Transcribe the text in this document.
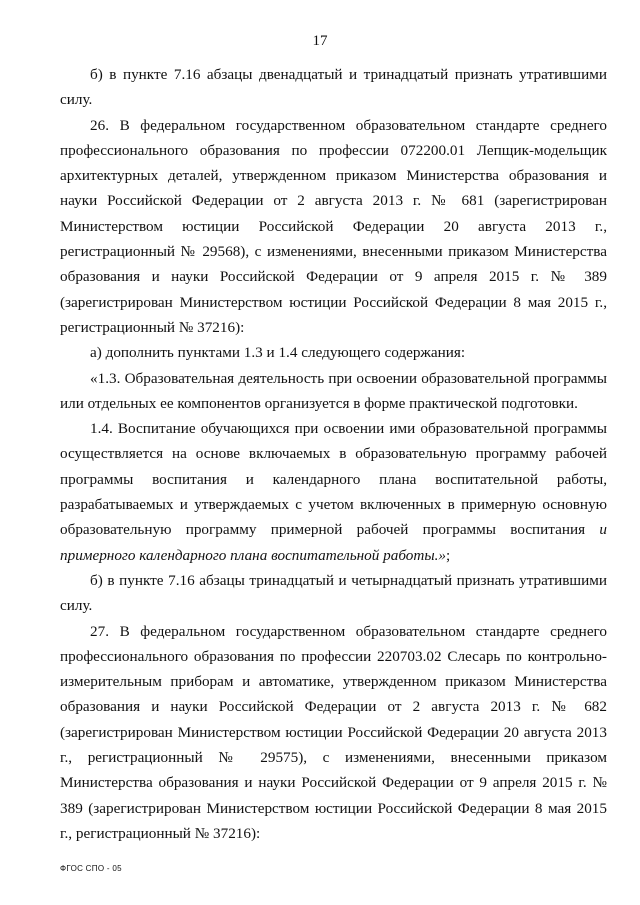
17

б) в пункте 7.16 абзацы двенадцатый и тринадцатый признать утратившими силу.

26. В федеральном государственном образовательном стандарте среднего профессионального образования по профессии 072200.01 Лепщик-модельщик архитектурных деталей, утвержденном приказом Министерства образования и науки Российской Федерации от 2 августа 2013 г. № 681 (зарегистрирован Министерством юстиции Российской Федерации 20 августа 2013 г., регистрационный № 29568), с изменениями, внесенными приказом Министерства образования и науки Российской Федерации от 9 апреля 2015 г. № 389 (зарегистрирован Министерством юстиции Российской Федерации 8 мая 2015 г., регистрационный № 37216):

а) дополнить пунктами 1.3 и 1.4 следующего содержания:

«1.3. Образовательная деятельность при освоении образовательной программы или отдельных ее компонентов организуется в форме практической подготовки.

1.4. Воспитание обучающихся при освоении ими образовательной программы осуществляется на основе включаемых в образовательную программу рабочей программы воспитания и календарного плана воспитательной работы, разрабатываемых и утверждаемых с учетом включенных в примерную основную образовательную программу примерной рабочей программы воспитания и примерного календарного плана воспитательной работы.»;

б) в пункте 7.16 абзацы тринадцатый и четырнадцатый признать утратившими силу.

27. В федеральном государственном образовательном стандарте среднего профессионального образования по профессии 220703.02 Слесарь по контрольно-измерительным приборам и автоматике, утвержденном приказом Министерства образования и науки Российской Федерации от 2 августа 2013 г. № 682 (зарегистрирован Министерством юстиции Российской Федерации 20 августа 2013 г., регистрационный № 29575), с изменениями, внесенными приказом Министерства образования и науки Российской Федерации от 9 апреля 2015 г. № 389 (зарегистрирован Министерством юстиции Российской Федерации 8 мая 2015 г., регистрационный № 37216):

ФГОС СПО - 05
